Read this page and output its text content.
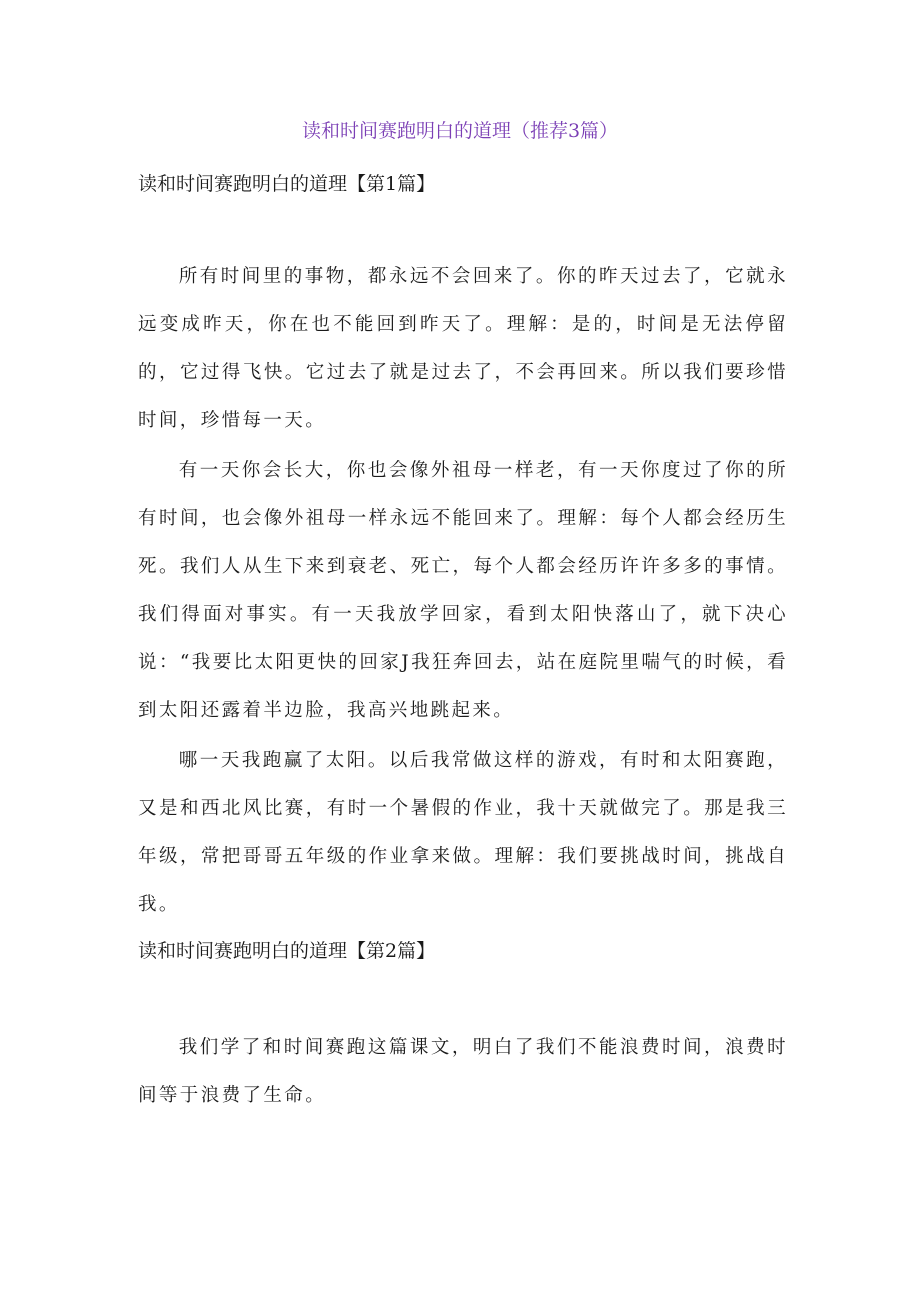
读和时间赛跑明白的道理（推荐3篇）
读和时间赛跑明白的道理【第1篇】

所有时间里的事物，都永远不会回来了。你的昨天过去了，它就永远变成昨天，你在也不能回到昨天了。理解：是的，时间是无法停留的，它过得飞快。它过去了就是过去了，不会再回来。所以我们要珍惜时间，珍惜每一天。

有一天你会长大，你也会像外祖母一样老，有一天你度过了你的所有时间，也会像外祖母一样永远不能回来了。理解：每个人都会经历生死。我们人从生下来到衰老、死亡，每个人都会经历许许多多的事情。我们得面对事实。有一天我放学回家，看到太阳快落山了，就下决心说：“我要比太阳更快的回家J我狂奔回去，站在庭院里喘气的时候，看到太阳还露着半边脸，我高兴地跳起来。

哪一天我跑赢了太阳。以后我常做这样的游戏，有时和太阳赛跑，又是和西北风比赛，有时一个暑假的作业，我十天就做完了。那是我三年级，常把哥哥五年级的作业拿来做。理解：我们要挑战时间，挑战自我。

读和时间赛跑明白的道理【第2篇】

我们学了和时间赛跑这篇课文，明白了我们不能浪费时间，浪费时间等于浪费了生命。
